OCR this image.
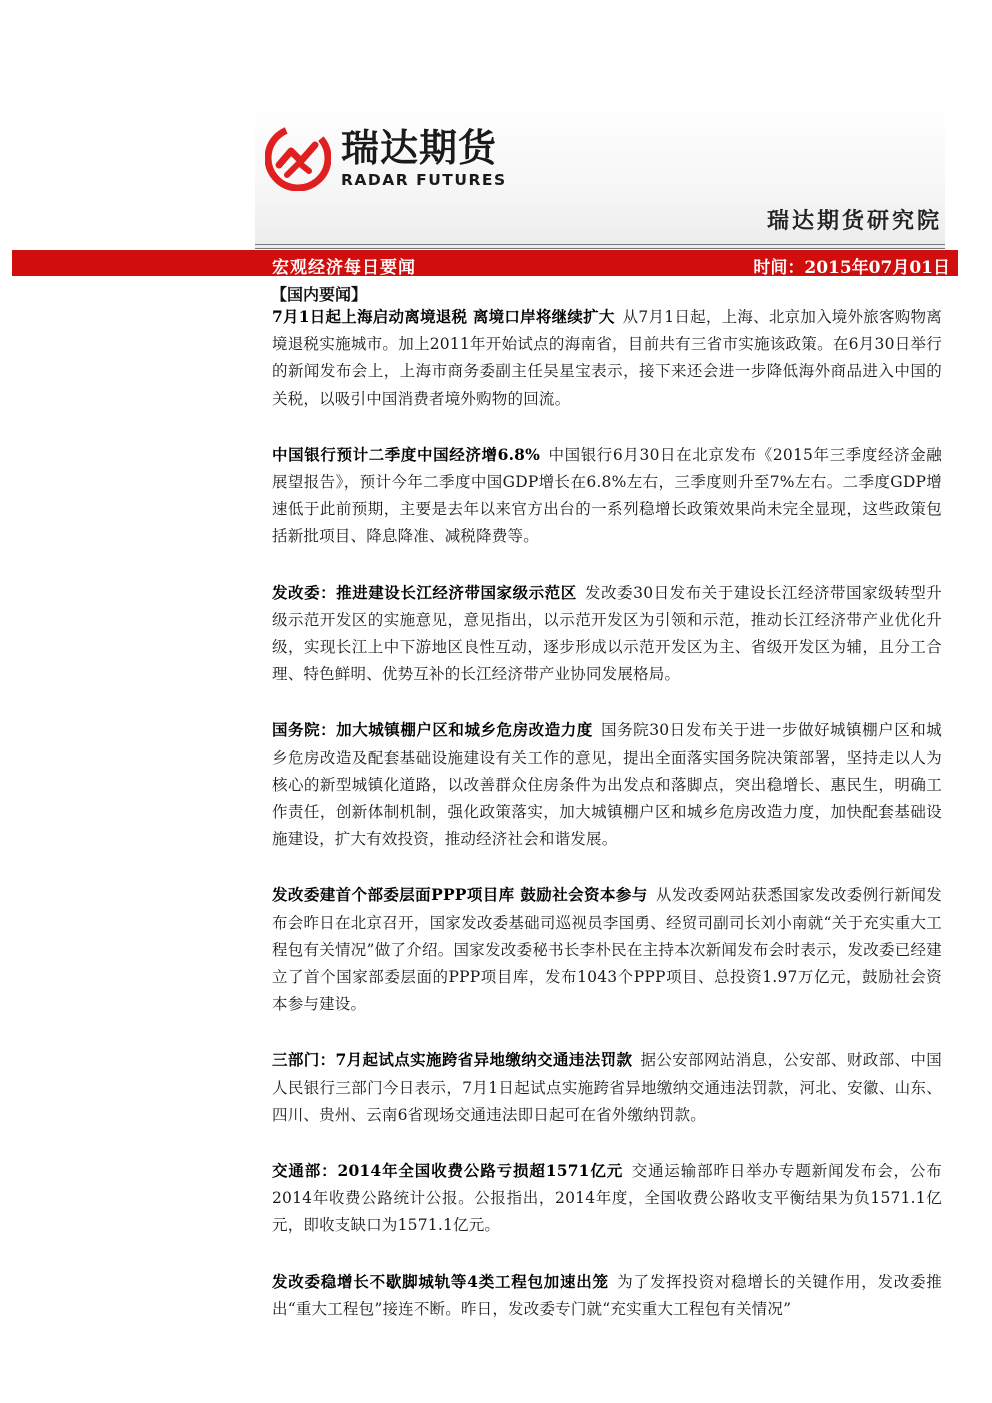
瑞达期货
RADAR FUTURES
瑞达期货研究院
宏观经济每日要闻	时间：2015年07月01日
【国内要闻】

7月1日起上海启动离境退税 离境口岸将继续扩大  从7月1日起，上海、北京加入境外旅客购物离境退税实施城市。加上2011年开始试点的海南省，目前共有三省市实施该政策。在6月30日举行的新闻发布会上，上海市商务委副主任吴星宝表示，接下来还会进一步降低海外商品进入中国的关税，以吸引中国消费者境外购物的回流。

中国银行预计二季度中国经济增6.8%  中国银行6月30日在北京发布《2015年三季度经济金融展望报告》，预计今年二季度中国GDP增长在6.8%左右，三季度则升至7%左右。二季度GDP增速低于此前预期，主要是去年以来官方出台的一系列稳增长政策效果尚未完全显现，这些政策包括新批项目、降息降准、减税降费等。

发改委：推进建设长江经济带国家级示范区  发改委30日发布关于建设长江经济带国家级转型升级示范开发区的实施意见，意见指出，以示范开发区为引领和示范，推动长江经济带产业优化升级，实现长江上中下游地区良性互动，逐步形成以示范开发区为主、省级开发区为辅，且分工合理、特色鲜明、优势互补的长江经济带产业协同发展格局。

国务院：加大城镇棚户区和城乡危房改造力度  国务院30日发布关于进一步做好城镇棚户区和城乡危房改造及配套基础设施建设有关工作的意见，提出全面落实国务院决策部署，坚持走以人为核心的新型城镇化道路，以改善群众住房条件为出发点和落脚点，突出稳增长、惠民生，明确工作责任，创新体制机制，强化政策落实，加大城镇棚户区和城乡危房改造力度，加快配套基础设施建设，扩大有效投资，推动经济社会和谐发展。

发改委建首个部委层面PPP项目库 鼓励社会资本参与  从发改委网站获悉国家发改委例行新闻发布会昨日在北京召开，国家发改委基础司巡视员李国勇、经贸司副司长刘小南就“关于充实重大工程包有关情况”做了介绍。国家发改委秘书长李朴民在主持本次新闻发布会时表示，发改委已经建立了首个国家部委层面的PPP项目库，发布1043个PPP项目、总投资1.97万亿元，鼓励社会资本参与建设。

三部门：7月起试点实施跨省异地缴纳交通违法罚款  据公安部网站消息，公安部、财政部、中国人民银行三部门今日表示，7月1日起试点实施跨省异地缴纳交通违法罚款，河北、安徽、山东、四川、贵州、云南6省现场交通违法即日起可在省外缴纳罚款。

交通部：2014年全国收费公路亏损超1571亿元  交通运输部昨日举办专题新闻发布会，公布2014年收费公路统计公报。公报指出，2014年度，全国收费公路收支平衡结果为负1571.1亿元，即收支缺口为1571.1亿元。

发改委稳增长不歇脚城轨等4类工程包加速出笼  为了发挥投资对稳增长的关键作用，发改委推出“重大工程包”接连不断。昨日，发改委专门就“充实重大工程包有关情况”
